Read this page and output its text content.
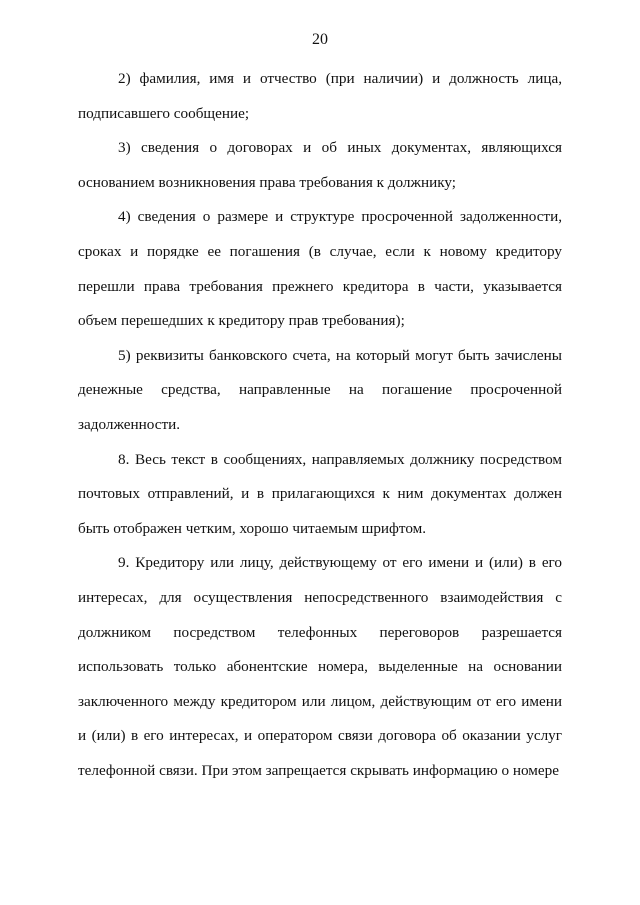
20

2) фамилия, имя и отчество (при наличии) и должность лица, подписавшего сообщение;

3) сведения о договорах и об иных документах, являющихся основанием возникновения права требования к должнику;

4) сведения о размере и структуре просроченной задолженности, сроках и порядке ее погашения (в случае, если к новому кредитору перешли права требования прежнего кредитора в части, указывается объем перешедших к кредитору прав требования);

5) реквизиты банковского счета, на который могут быть зачислены денежные средства, направленные на погашение просроченной задолженности.

8. Весь текст в сообщениях, направляемых должнику посредством почтовых отправлений, и в прилагающихся к ним документах должен быть отображен четким, хорошо читаемым шрифтом.

9. Кредитору или лицу, действующему от его имени и (или) в его интересах, для осуществления непосредственного взаимодействия с должником посредством телефонных переговоров разрешается использовать только абонентские номера, выделенные на основании заключенного между кредитором или лицом, действующим от его имени и (или) в его интересах, и оператором связи договора об оказании услуг телефонной связи. При этом запрещается скрывать информацию о номере
